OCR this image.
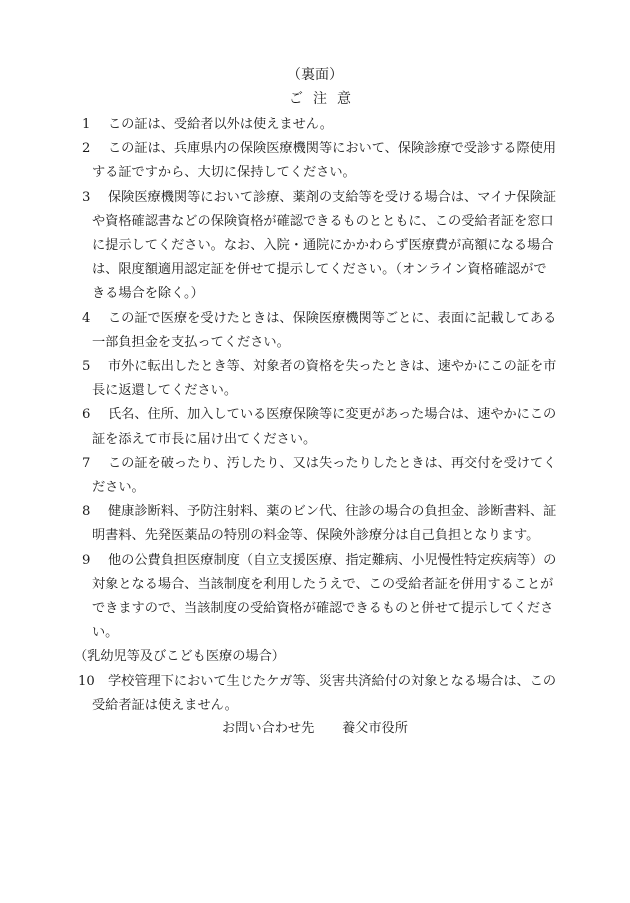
（裏面）
ご注意
1 この証は、受給者以外は使えません。
2 この証は、兵庫県内の保険医療機関等において、保険診療で受診する際使用する証ですから、大切に保持してください。
3 保険医療機関等において診療、薬剤の支給等を受ける場合は、マイナ保険証や資格確認書などの保険資格が確認できるものとともに、この受給者証を窓口に提示してください。なお、入院・通院にかかわらず医療費が高額になる場合は、限度額適用認定証を併せて提示してください。（オンライン資格確認ができる場合を除く。）
4 この証で医療を受けたときは、保険医療機関等ごとに、表面に記載してある一部負担金を支払ってください。
5 市外に転出したとき等、対象者の資格を失ったときは、速やかにこの証を市長に返還してください。
6 氏名、住所、加入している医療保険等に変更があった場合は、速やかにこの証を添えて市長に届け出てください。
7 この証を破ったり、汚したり、又は失ったりしたときは、再交付を受けてください。
8 健康診断料、予防注射料、薬のビン代、往診の場合の負担金、診断書料、証明書料、先発医薬品の特別の料金等、保険外診療分は自己負担となります。
9 他の公費負担医療制度（自立支援医療、指定難病、小児慢性特定疾病等）の対象となる場合、当該制度を利用したうえで、この受給者証を併用することができますので、当該制度の受給資格が確認できるものと併せて提示してください。
（乳幼児等及びこども医療の場合）
10 学校管理下において生じたケガ等、災害共済給付の対象となる場合は、この受給者証は使えません。
お問い合わせ先 養父市役所
